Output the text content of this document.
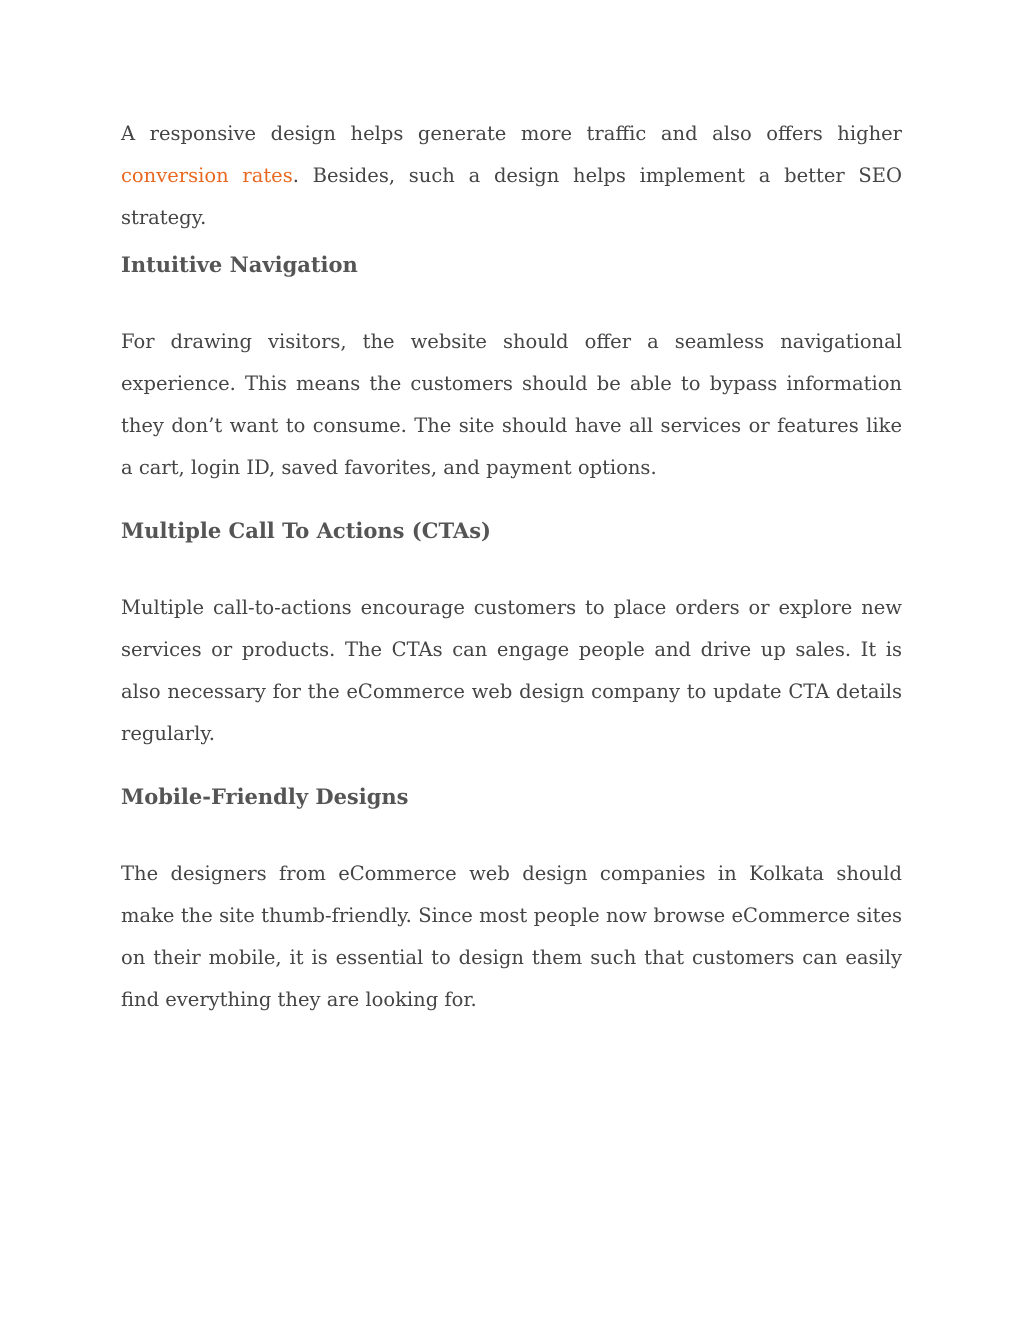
A responsive design helps generate more traffic and also offers higher conversion rates. Besides, such a design helps implement a better SEO strategy.

Intuitive Navigation

For drawing visitors, the website should offer a seamless navigational experience. This means the customers should be able to bypass information they don’t want to consume. The site should have all services or features like a cart, login ID, saved favorites, and payment options.

Multiple Call To Actions (CTAs)

Multiple call-to-actions encourage customers to place orders or explore new services or products. The CTAs can engage people and drive up sales. It is also necessary for the eCommerce web design company to update CTA details regularly.

Mobile-Friendly Designs

The designers from eCommerce web design companies in Kolkata should make the site thumb-friendly. Since most people now browse eCommerce sites on their mobile, it is essential to design them such that customers can easily find everything they are looking for.
